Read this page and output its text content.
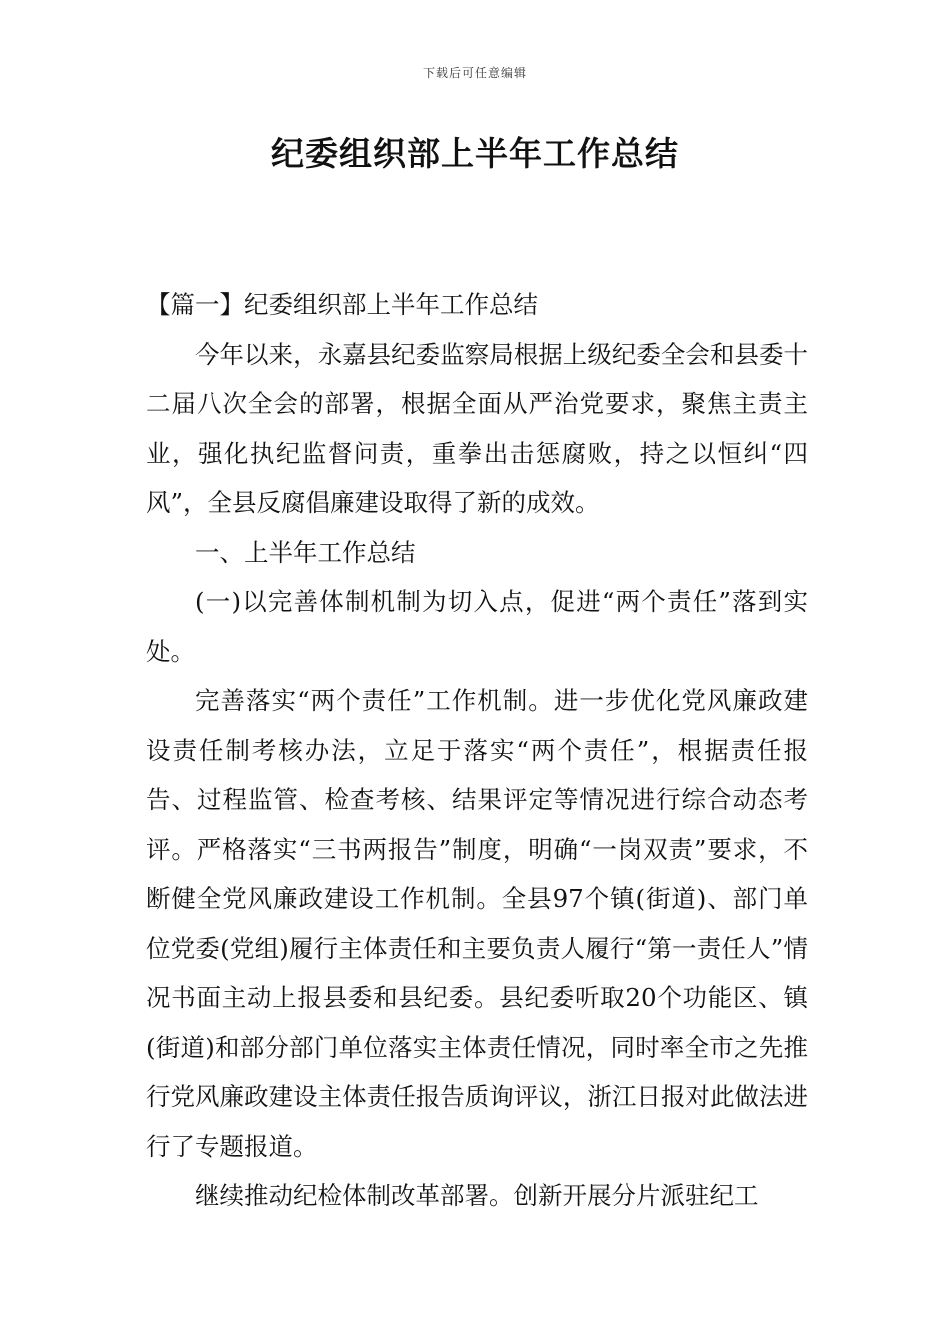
下载后可任意编辑
纪委组织部上半年工作总结

【篇一】纪委组织部上半年工作总结

今年以来，永嘉县纪委监察局根据上级纪委全会和县委十二届八次全会的部署，根据全面从严治党要求，聚焦主责主业，强化执纪监督问责，重拳出击惩腐败，持之以恒纠“四风”，全县反腐倡廉建设取得了新的成效。

一、上半年工作总结

(一)以完善体制机制为切入点，促进“两个责任”落到实处。

完善落实“两个责任”工作机制。进一步优化党风廉政建设责任制考核办法，立足于落实“两个责任”，根据责任报告、过程监管、检查考核、结果评定等情况进行综合动态考评。严格落实“三书两报告”制度，明确“一岗双责”要求，不断健全党风廉政建设工作机制。全县97个镇(街道)、部门单位党委(党组)履行主体责任和主要负责人履行“第一责任人”情况书面主动上报县委和县纪委。县纪委听取20个功能区、镇(街道)和部分部门单位落实主体责任情况，同时率全市之先推行党风廉政建设主体责任报告质询评议，浙江日报对此做法进行了专题报道。

继续推动纪检体制改革部署。创新开展分片派驻纪工
